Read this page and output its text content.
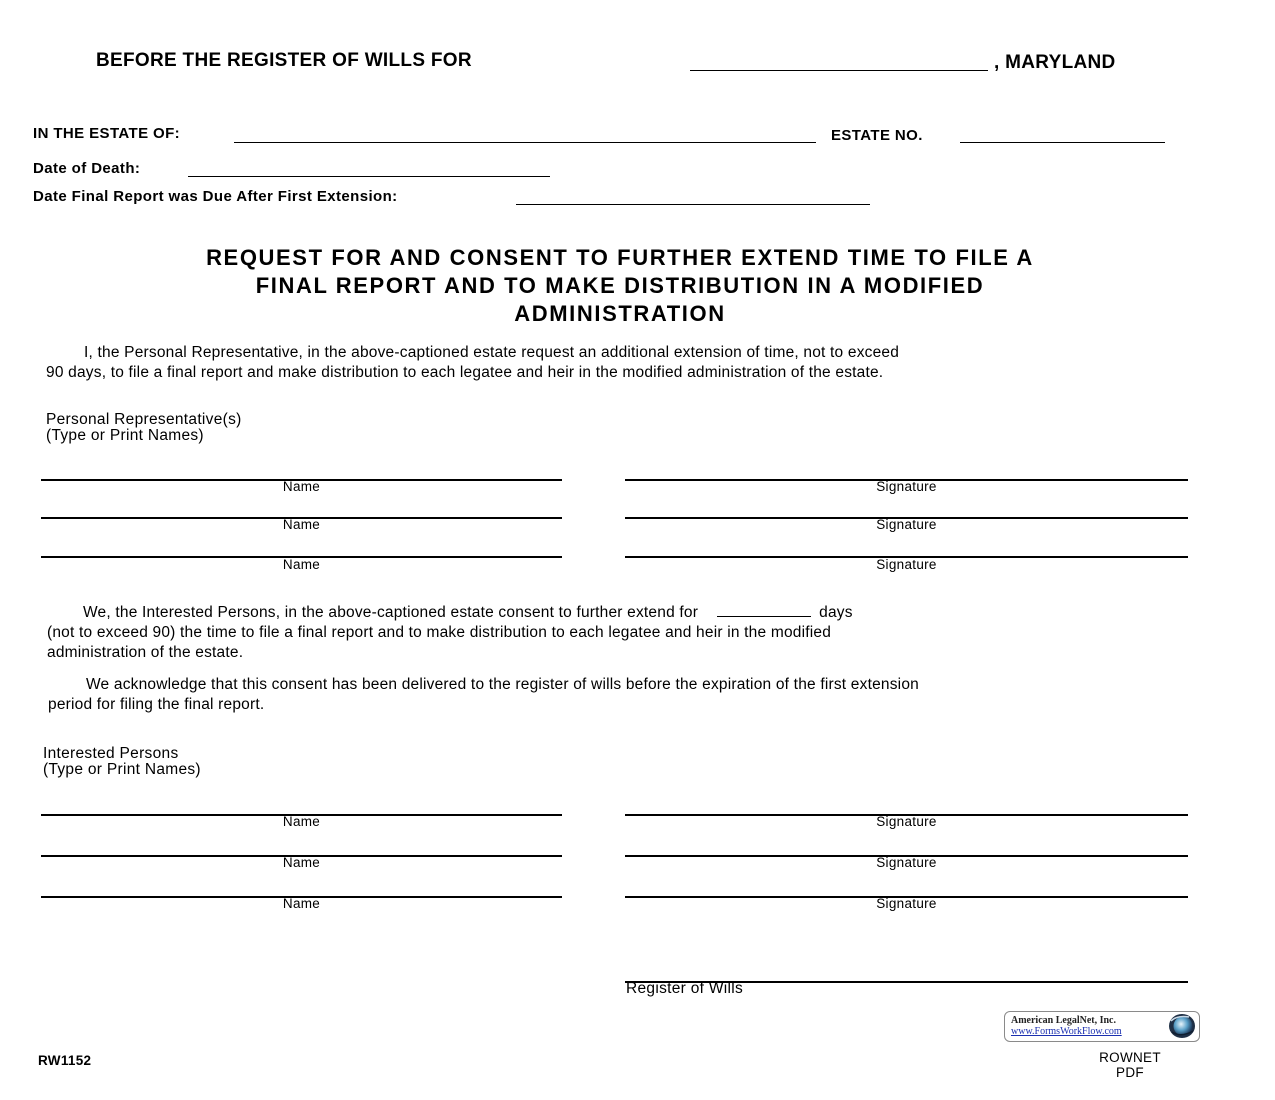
BEFORE THE REGISTER OF WILLS FOR	, MARYLAND
IN THE ESTATE OF:	ESTATE NO.
Date of Death:
Date Final Report was Due After First Extension:
REQUEST FOR AND CONSENT TO FURTHER EXTEND TIME TO FILE A
FINAL REPORT AND TO MAKE DISTRIBUTION IN A MODIFIED
ADMINISTRATION
I, the Personal Representative, in the above-captioned estate request an additional extension of time, not to exceed
90 days, to file a final report and make distribution to each legatee and heir in the modified administration of the estate.
Personal Representative(s)
(Type or Print Names)
Name	Signature
Name	Signature
Name	Signature
We, the Interested Persons, in the above-captioned estate consent to further extend for	days
(not to exceed 90) the time to file a final report and to make distribution to each legatee and heir in the modified
administration of the estate.
We acknowledge that this consent has been delivered to the register of wills before the expiration of the first extension
period for filing the final report.
Interested Persons
(Type or Print Names)
Name	Signature
Name	Signature
Name	Signature
Register of Wills
RW1152
American LegalNet, Inc.
www.FormsWorkFlow.com
ROWNET
PDF
